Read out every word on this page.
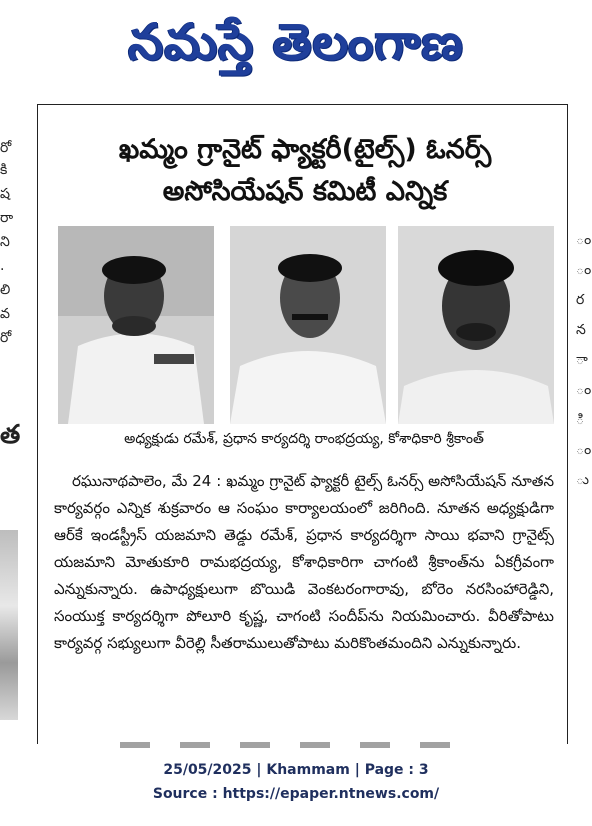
నమస్తే తెలంగాణ
రో
కి
ష
రా
ని
.
లి
వ
రో
త
ం
ం
ర
న
ా
ం
ి
ం
ు
ఖమ్మం గ్రానైట్ ఫ్యాక్టరీ(టైల్స్) ఓనర్స్
అసోసియేషన్ కమిటీ ఎన్నిక
అధ్యక్షుడు రమేశ్, ప్రధాన కార్యదర్శి రాంభద్రయ్య, కోశాధికారి శ్రీకాంత్

రఘునాథపాలెం, మే 24 : ఖమ్మం గ్రానైట్ ఫ్యాక్టరీ టైల్స్ ఓనర్స్ అసోసియేషన్ నూతన కార్యవర్గం ఎన్నిక శుక్రవారం ఆ సంఘం కార్యాలయంలో జరిగింది. నూతన అధ్యక్షుడిగా ఆర్‌కే ఇండస్ట్రీస్ యజమాని తెడ్డు రమేశ్, ప్రధాన కార్యదర్శిగా సాయి భవాని గ్రానైట్స్ యజమాని మోతుకూరి రామభద్రయ్య, కోశాధికారిగా చాగంటి శ్రీకాంత్‌ను ఏకగ్రీవంగా ఎన్నుకున్నారు. ఉపాధ్యక్షులుగా బొయిడి వెంకటరంగారావు, బోరెం నరసింహారెడ్డిని, సంయుక్త కార్యదర్శిగా పోలూరి కృష్ణ, చాగంటి సందీప్‌ను నియమించారు. వీరితోపాటు కార్యవర్గ సభ్యులుగా వీరెల్లి సీతరాములుతోపాటు మరికొంతమందిని ఎన్నుకున్నారు.

25/05/2025 | Khammam | Page : 3
Source : https://epaper.ntnews.com/
